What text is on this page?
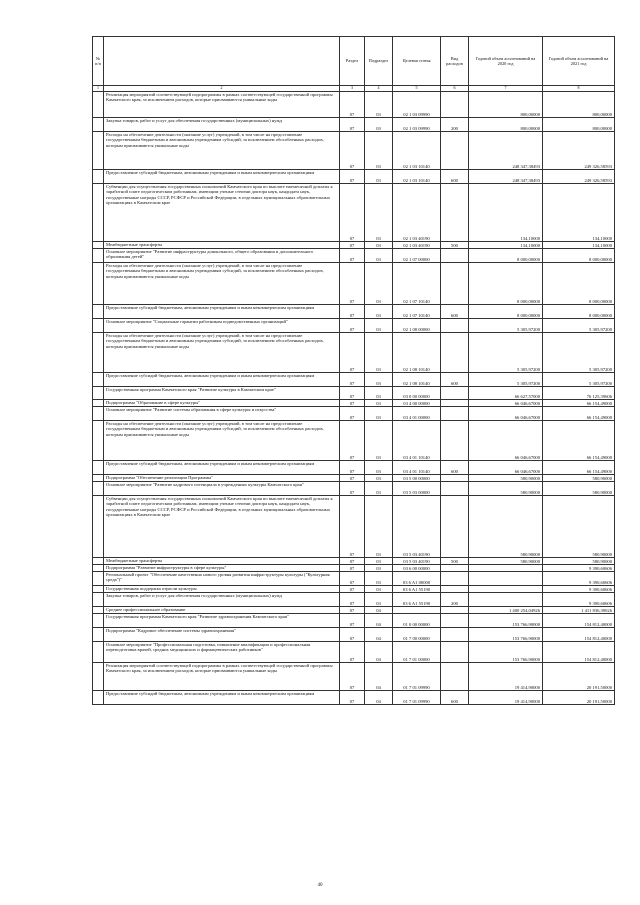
№ п/п		Раздел	Подраздел	Целевая статья	Вид расходов	Годовой объем ассигнований на 2020 год	Годовой объем ассигнований на 2021 год
1	2	3	4	5	6	7	8
	Реализация мероприятий соответствующей подпрограммы в рамках соответствующей государственной программы Камчатского края, за исключением расходов, которые присваиваются уникальные коды	07	03	02 1 03 09990		800,00000	800,00000
	Закупка товаров, работ и услуг для обеспечения государственных (муниципальных) нужд	07	03	02 1 03 09990	200	800,00000	800,00000
	Расходы на обеспечение деятельности (оказание услуг) учреждений, в том числе на предоставление государственным бюджетным и автономным учреждениям субсидий, за исключением обособленных расходов, которым присваиваются уникальные коды	07	03	02 1 03 10140		248 347,38493	249 326,58593
	Предоставление субсидий бюджетным, автономным учреждениям и иным некоммерческим организациям	07	03	02 1 03 10140	600	248 347,38493	249 326,58593
	Субвенции для осуществления государственных полномочий Камчатского края по выплате ежемесячной доплаты к заработной плате педагогическим работникам, имеющим ученые степени доктора наук, кандидата наук, государственные награды СССР, РСФСР и Российской Федерации, в отдельных муниципальных образовательных организациях в Камчатском крае	07	03	02 1 03 40190		134,10000	134,10000
	Межбюджетные трансферты	07	03	02 1 03 40190	500	134,10000	134,10000
	Основное мероприятие "Развитие инфраструктуры дошкольного, общего образования и дополнительного образования детей"	07	03	02 1 07 00000		8 000,00000	8 000,00000
	Расходы на обеспечение деятельности (оказание услуг) учреждений, в том числе на предоставление государственным бюджетным и автономным учреждениям субсидий, за исключением обособленных расходов, которым присваиваются уникальные коды	07	03	02 1 07 10140		8 000,00000	8 000,00000
	Предоставление субсидий бюджетным, автономным учреждениям и иным некоммерческим организациям	07	03	02 1 07 10140	600	8 000,00000	8 000,00000
	Основное мероприятие "Социальные гарантии работникам подведомственных организаций"	07	03	02 1 08 00000		5 305,97200	5 305,97200
	Расходы на обеспечение деятельности (оказание услуг) учреждений, в том числе на предоставление государственным бюджетным и автономным учреждениям субсидий, за исключением обособленных расходов, которым присваиваются уникальные коды	07	03	02 1 08 10140		5 305,97200	5 305,97200
	Предоставление субсидий бюджетным, автономным учреждениям и иным некоммерческим организациям	07	03	02 1 08 10140	600	5 305,97200	5 305,97200
	Государственная программа Камчатского края "Развитие культуры в Камчатском крае"	07	03	03 0 00 00000		66 627,57000	76 125,39606
	Подпрограмма "Образование в сфере культуры"	07	03	03 4 00 00000		66 046,67000	66 154,49000
	Основное мероприятие "Развитие системы образования в сфере культуры и искусства"	07	03	03 4 01 00000		66 046,67000	66 154,49000
	Расходы на обеспечение деятельности (оказание услуг) учреждений, в том числе на предоставление государственным бюджетным и автономным учреждениям субсидий, за исключением обособленных расходов, которым присваиваются уникальные коды	07	03	03 4 01 10140		66 046,67000	66 154,49000
	Предоставление субсидий бюджетным, автономным учреждениям и иным некоммерческим организациям	07	03	03 4 01 10140	600	66 046,67000	66 154,49000
	Подпрограмма "Обеспечение реализации Программы"	07	03	03 5 00 00000		580,90000	580,90000
	Основное мероприятие "Развитие кадрового потенциала в учреждениях культуры Камчатского края"	07	03	03 5 03 00000		580,90000	580,90000
	Субвенции для осуществления государственных полномочий Камчатского края по выплате ежемесячной доплаты к заработной плате педагогическим работникам, имеющим ученые степени доктора наук, кандидата наук, государственные награды СССР, РСФСР и Российской Федерации, в отдельных муниципальных образовательных организациях в Камчатском крае	07	03	03 5 03 40190		580,90000	580,90000
	Межбюджетные трансферты	07	03	03 5 03 40190	500	580,90000	580,90000
	Подпрограмма "Развитие инфраструктуры в сфере культуры"	07	03	03 6 00 00000			9 390,60606
	Региональный проект "Обеспечение качественно нового уровня развития инфраструктуры культуры ("Культурная среда")"	07	03	03 6 A1 00000			9 390,60606
	Государственная поддержка отрасли культуры	07	03	03 6 A1 55190			9 390,60606
	Закупка товаров, работ и услуг для обеспечения государственных (муниципальных) нужд	07	03	03 6 A1 55190	200		9 390,60606
	Среднее профессиональное образование	07	04			1 400 254,04926	1 411 836,39026
	Государственная программа Камчатского края "Развитие здравоохранения Камчатского края"	07	04	01 0 00 00000		153 766,90000	154 812,40000
	Подпрограмма "Кадровое обеспечение системы здравоохранения"	07	04	01 7 00 00000		153 766,90000	154 812,40000
	Основное мероприятие "Профессиональная подготовка, повышение квалификации и профессиональная переподготовка врачей, средних медицинских и фармацевтических работников"	07	04	01 7 01 00000		153 766,90000	154 812,40000
	Реализация мероприятий соответствующей подпрограммы в рамках соответствующей государственной программы Камчатского края, за исключением расходов, которые присваиваются уникальные коды	07	04	01 7 01 09990		19 414,90000	20 191,50000
	Предоставление субсидий бюджетным, автономным учреждениям и иным некоммерческим организациям	07	04	01 7 01 09990	600	19 414,90000	20 191,50000
40
